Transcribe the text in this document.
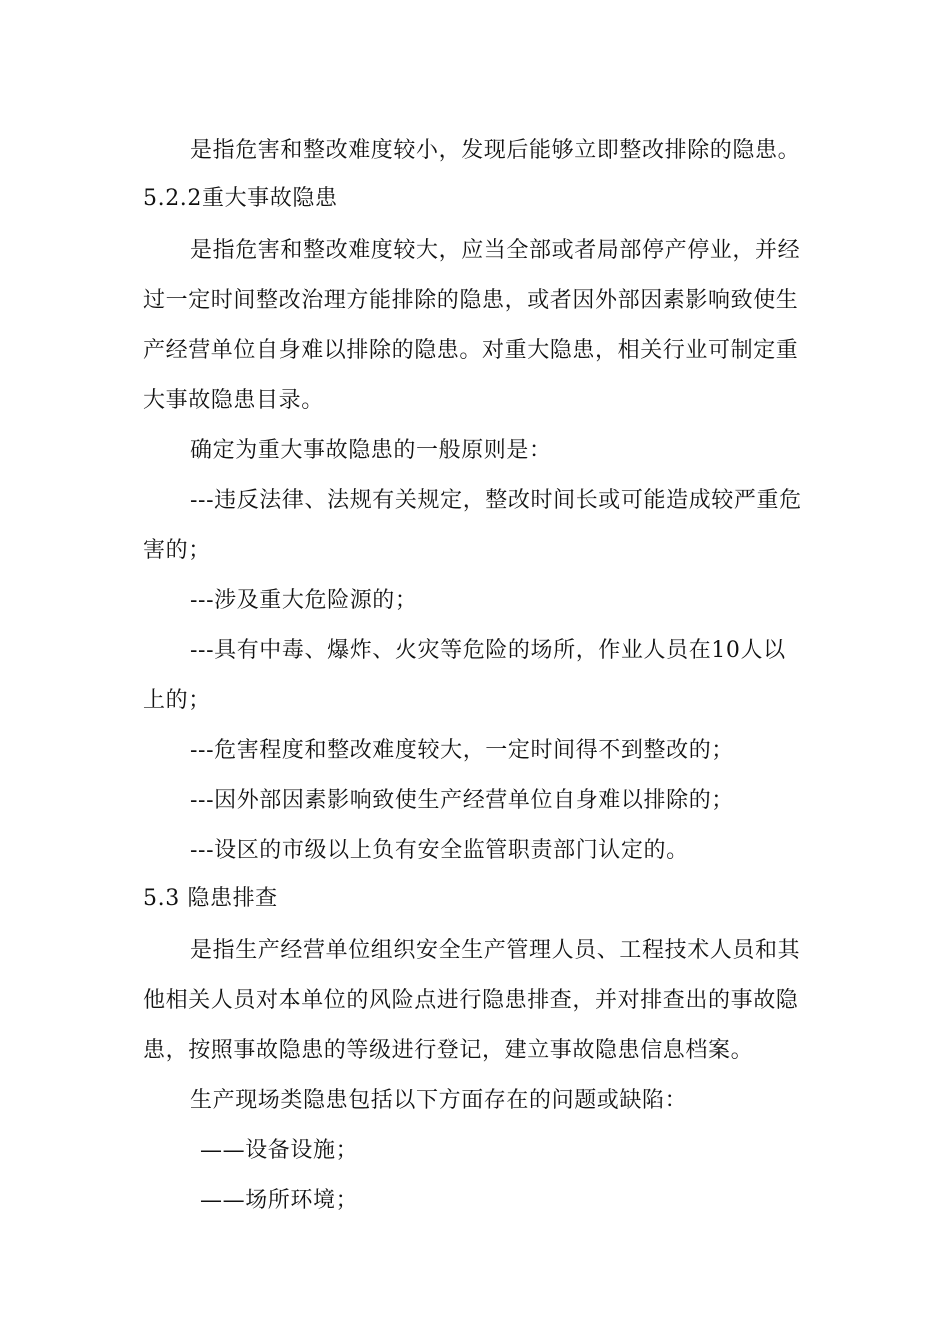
是指危害和整改难度较小，发现后能够立即整改排除的隐患。
5.2.2重大事故隐患
是指危害和整改难度较大，应当全部或者局部停产停业，并经
过一定时间整改治理方能排除的隐患，或者因外部因素影响致使生
产经营单位自身难以排除的隐患。对重大隐患，相关行业可制定重
大事故隐患目录。
确定为重大事故隐患的一般原则是：
---违反法律、法规有关规定，整改时间长或可能造成较严重危
害的；
---涉及重大危险源的；
---具有中毒、爆炸、火灾等危险的场所，作业人员在10人以
上的；
---危害程度和整改难度较大，一定时间得不到整改的；
---因外部因素影响致使生产经营单位自身难以排除的；
---设区的市级以上负有安全监管职责部门认定的。
5.3 隐患排查
是指生产经营单位组织安全生产管理人员、工程技术人员和其
他相关人员对本单位的风险点进行隐患排查，并对排查出的事故隐
患，按照事故隐患的等级进行登记，建立事故隐患信息档案。
生产现场类隐患包括以下方面存在的问题或缺陷：
——设备设施；
——场所环境；
